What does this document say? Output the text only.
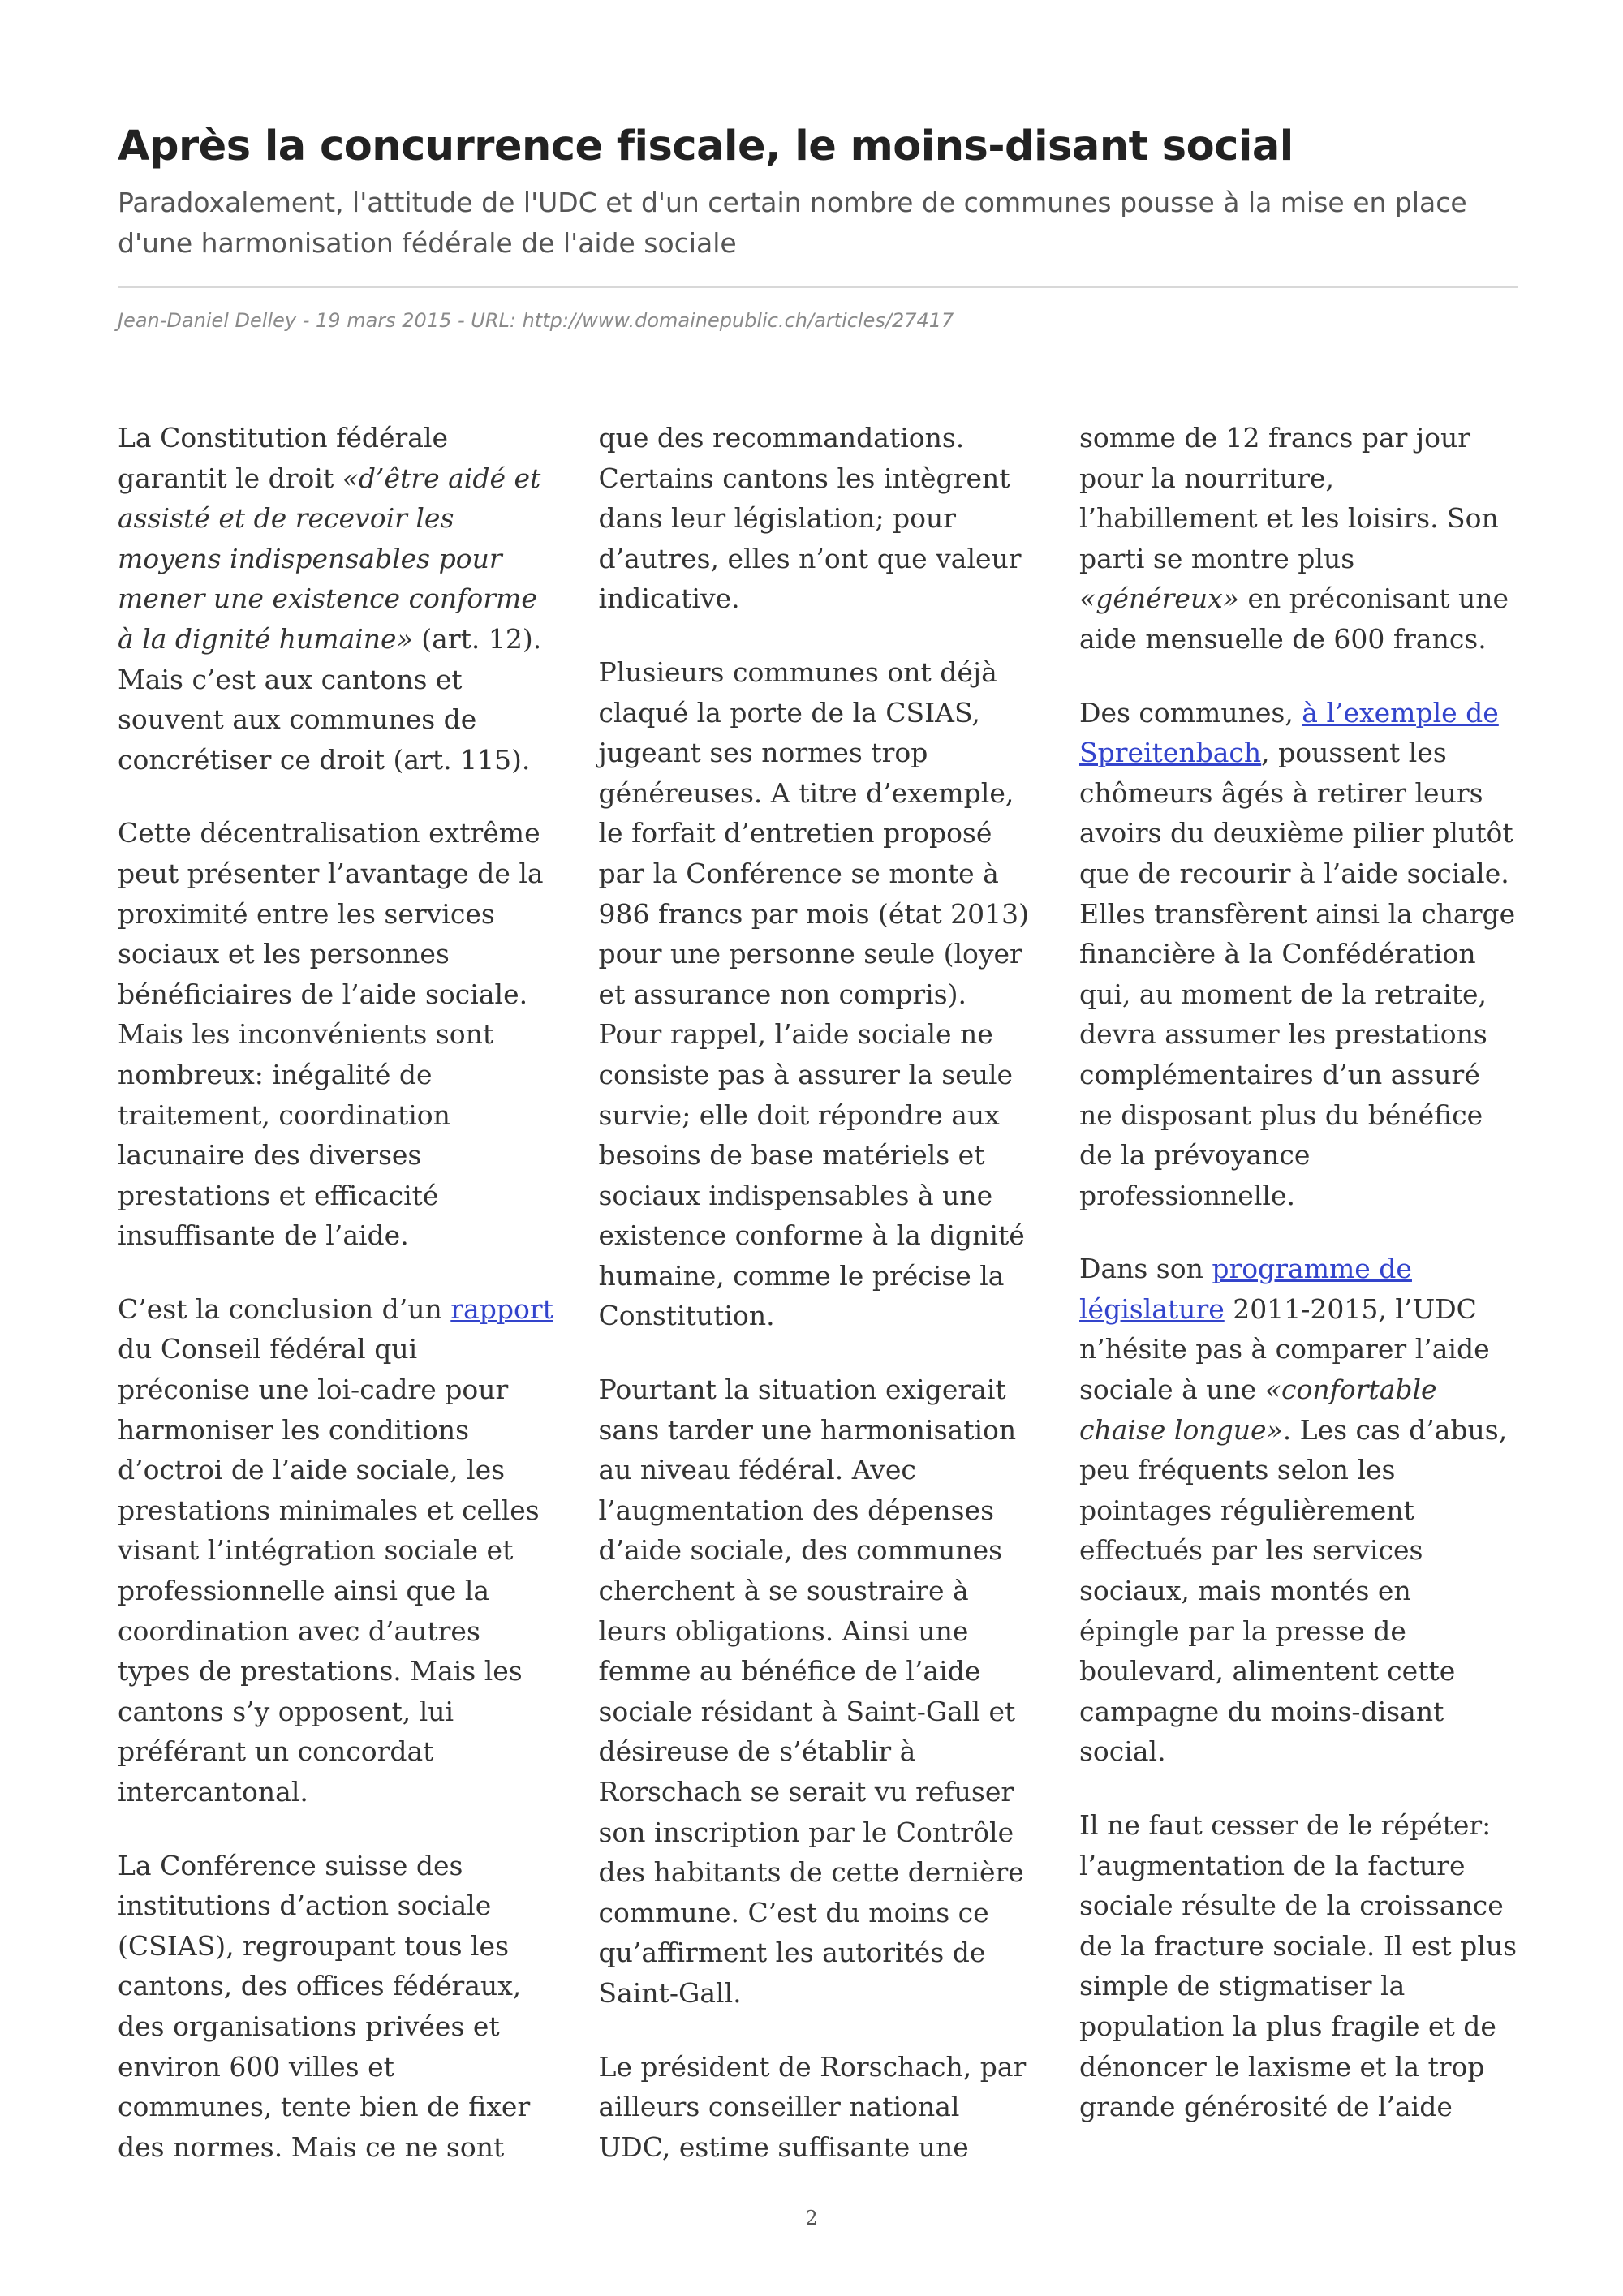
Après la concurrence fiscale, le moins-disant social

Paradoxalement, l'attitude de l'UDC et d'un certain nombre de communes pousse à la mise en place d'une harmonisation fédérale de l'aide sociale

Jean-Daniel Delley - 19 mars 2015 - URL: http://www.domainepublic.ch/articles/27417

La Constitution fédérale garantit le droit «d’être aidé et assisté et de recevoir les moyens indispensables pour mener une existence conforme à la dignité humaine» (art. 12). Mais c’est aux cantons et souvent aux communes de concrétiser ce droit (art. 115).

Cette décentralisation extrême peut présenter l’avantage de la proximité entre les services sociaux et les personnes bénéficiaires de l’aide sociale. Mais les inconvénients sont nombreux: inégalité de traitement, coordination lacunaire des diverses prestations et efficacité insuffisante de l’aide.

C’est la conclusion d’un rapport du Conseil fédéral qui préconise une loi-cadre pour harmoniser les conditions d’octroi de l’aide sociale, les prestations minimales et celles visant l’intégration sociale et professionnelle ainsi que la coordination avec d’autres types de prestations. Mais les cantons s’y opposent, lui préférant un concordat intercantonal.

La Conférence suisse des institutions d’action sociale (CSIAS), regroupant tous les cantons, des offices fédéraux, des organisations privées et environ 600 villes et communes, tente bien de fixer des normes. Mais ce ne sont

que des recommandations. Certains cantons les intègrent dans leur législation; pour d’autres, elles n’ont que valeur indicative.

Plusieurs communes ont déjà claqué la porte de la CSIAS, jugeant ses normes trop généreuses. A titre d’exemple, le forfait d’entretien proposé par la Conférence se monte à 986 francs par mois (état 2013) pour une personne seule (loyer et assurance non compris). Pour rappel, l’aide sociale ne consiste pas à assurer la seule survie; elle doit répondre aux besoins de base matériels et sociaux indispensables à une existence conforme à la dignité humaine, comme le précise la Constitution.

Pourtant la situation exigerait sans tarder une harmonisation au niveau fédéral. Avec l’augmentation des dépenses d’aide sociale, des communes cherchent à se soustraire à leurs obligations. Ainsi une femme au bénéfice de l’aide sociale résidant à Saint-Gall et désireuse de s’établir à Rorschach se serait vu refuser son inscription par le Contrôle des habitants de cette dernière commune. C’est du moins ce qu’affirment les autorités de Saint-Gall.

Le président de Rorschach, par ailleurs conseiller national UDC, estime suffisante une

somme de 12 francs par jour pour la nourriture, l’habillement et les loisirs. Son parti se montre plus «généreux» en préconisant une aide mensuelle de 600 francs.

Des communes, à l’exemple de Spreitenbach, poussent les chômeurs âgés à retirer leurs avoirs du deuxième pilier plutôt que de recourir à l’aide sociale. Elles transfèrent ainsi la charge financière à la Confédération qui, au moment de la retraite, devra assumer les prestations complémentaires d’un assuré ne disposant plus du bénéfice de la prévoyance professionnelle.

Dans son programme de législature 2011-2015, l’UDC n’hésite pas à comparer l’aide sociale à une «confortable chaise longue». Les cas d’abus, peu fréquents selon les pointages régulièrement effectués par les services sociaux, mais montés en épingle par la presse de boulevard, alimentent cette campagne du moins-disant social.

Il ne faut cesser de le répéter: l’augmentation de la facture sociale résulte de la croissance de la fracture sociale. Il est plus simple de stigmatiser la population la plus fragile et de dénoncer le laxisme et la trop grande générosité de l’aide

2
